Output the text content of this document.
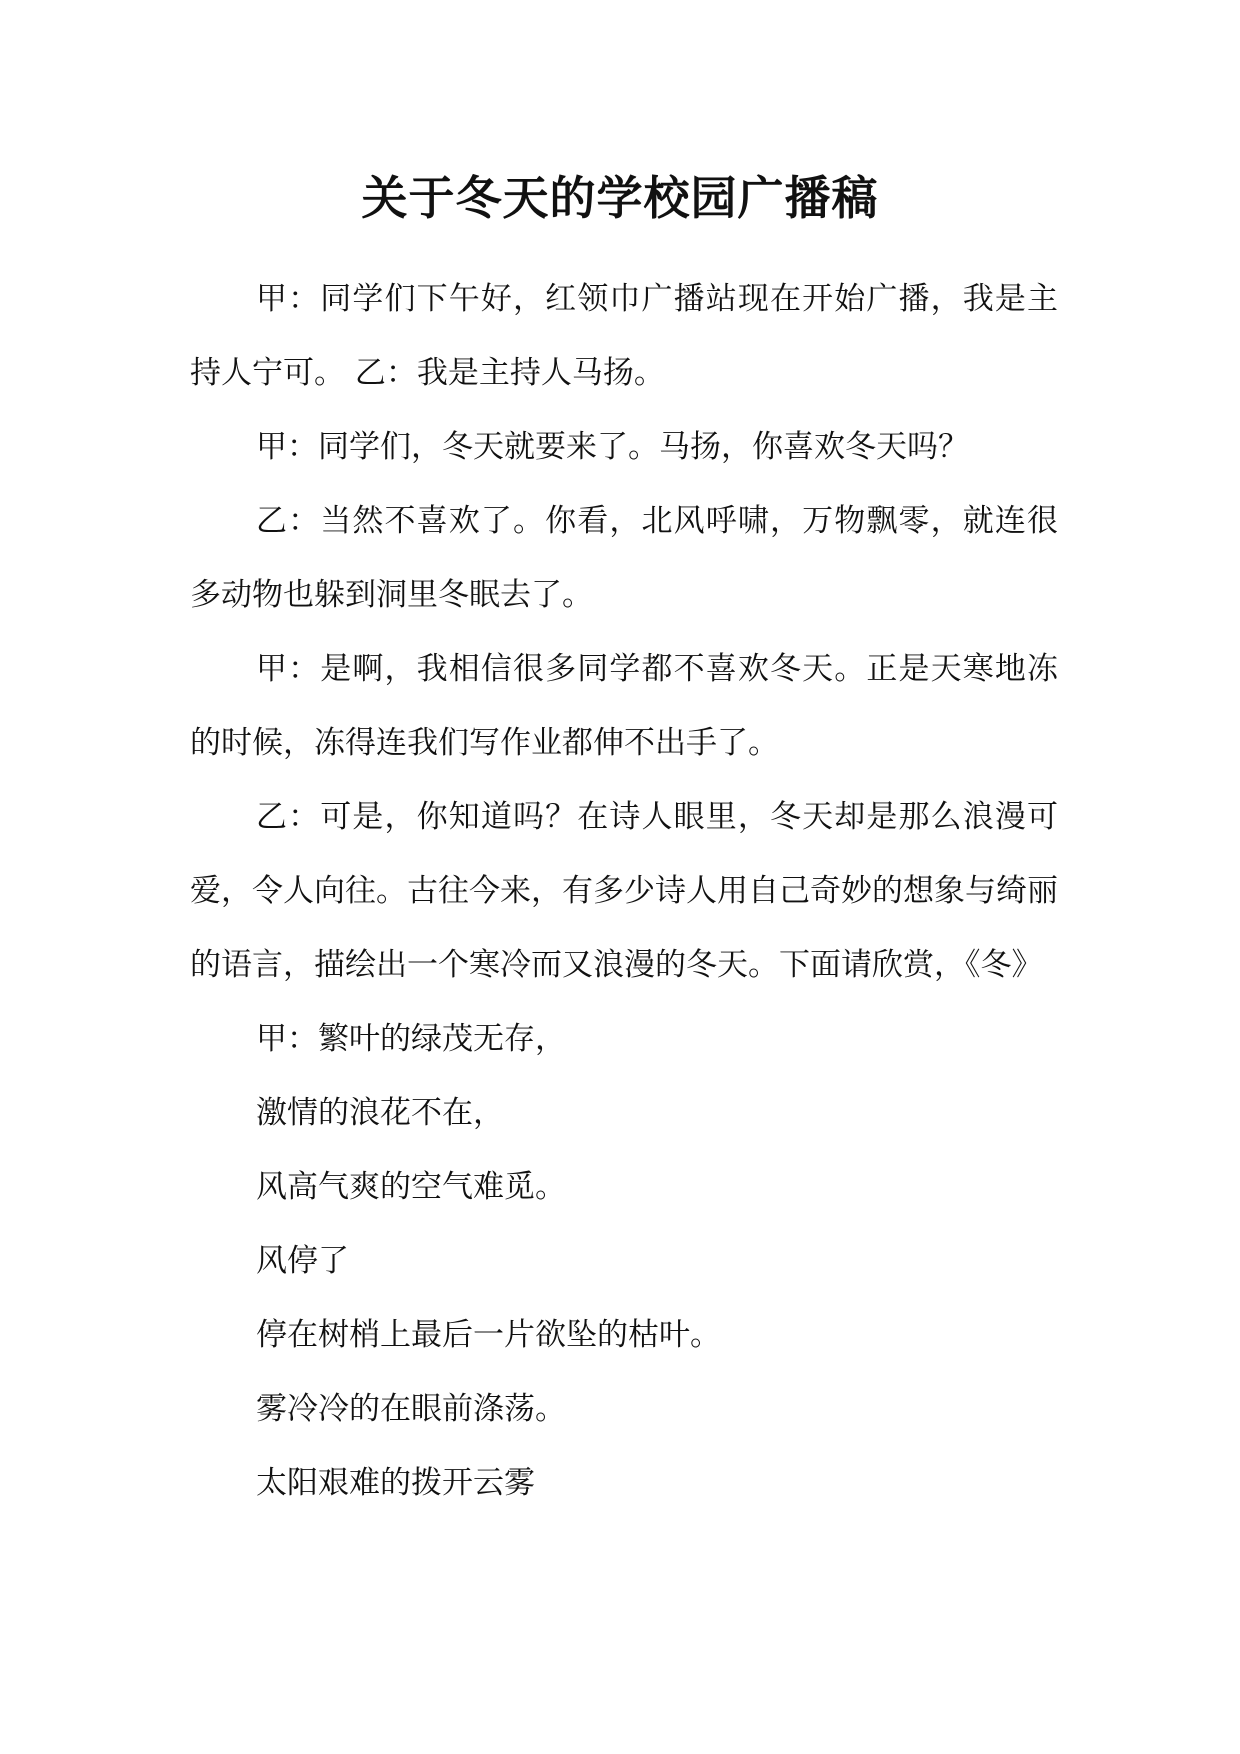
关于冬天的学校园广播稿

甲：同学们下午好，红领巾广播站现在开始广播，我是主持人宁可。 乙：我是主持人马扬。

甲：同学们，冬天就要来了。马扬，你喜欢冬天吗？

乙：当然不喜欢了。你看，北风呼啸，万物飘零，就连很多动物也躲到洞里冬眠去了。

甲：是啊，我相信很多同学都不喜欢冬天。正是天寒地冻的时候，冻得连我们写作业都伸不出手了。

乙：可是，你知道吗？在诗人眼里，冬天却是那么浪漫可爱，令人向往。古往今来，有多少诗人用自己奇妙的想象与绮丽的语言，描绘出一个寒冷而又浪漫的冬天。下面请欣赏，《冬》

甲：繁叶的绿茂无存，

激情的浪花不在，

风高气爽的空气难觅。

风停了

停在树梢上最后一片欲坠的枯叶。

雾冷冷的在眼前涤荡。

太阳艰难的拨开云雾
